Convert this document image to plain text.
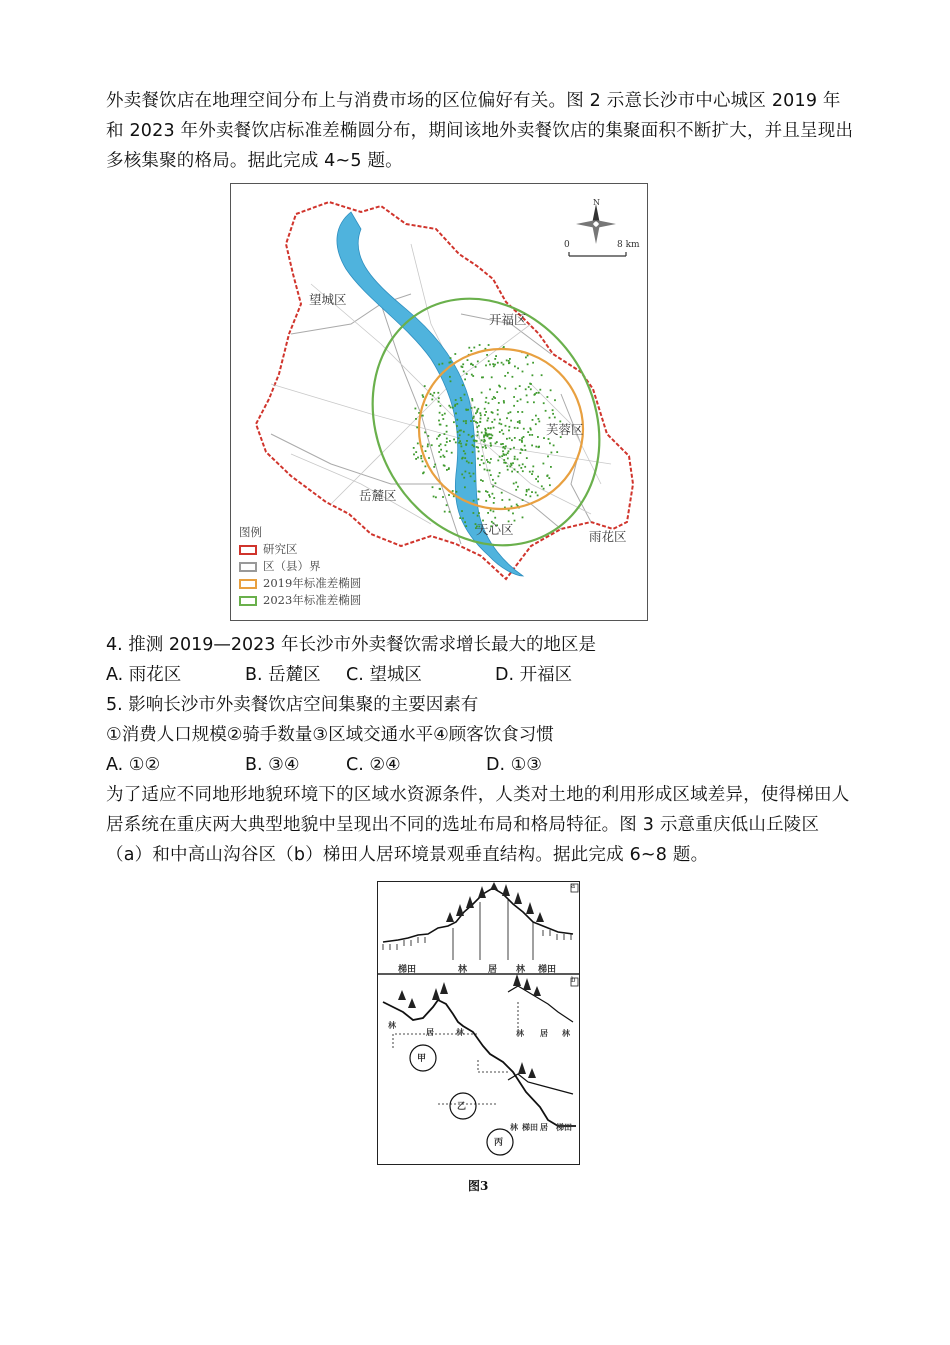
外卖餐饮店在地理空间分布上与消费市场的区位偏好有关。图 2 示意长沙市中心城区 2019 年和 2023 年外卖餐饮店标准差椭圆分布，期间该地外卖餐饮店的集聚面积不断扩大，并且呈现出多核集聚的格局。据此完成 4~5 题。
N
0	8 km
望城区
开福区
芙蓉区
岳麓区
天心区	雨花区
图例
研究区
区（县）界
2019年标准差椭圆
2023年标准差椭圆
4. 推测 2019—2023 年长沙市外卖餐饮需求增长最大的地区是
A. 雨花区	B. 岳麓区 C. 望城区	D. 开福区
5. 影响长沙市外卖餐饮店空间集聚的主要因素有
①消费人口规模②骑手数量③区域交通水平④顾客饮食习惯
A. ①②	B. ③④	C. ②④	D. ①③
为了适应不同地形地貌环境下的区域水资源条件，人类对土地的利用形成区域差异，使得梯田人居系统在重庆两大典型地貌中呈现出不同的选址布局和格局特征。图 3 示意重庆低山丘陵区（a）和中高山沟谷区（b）梯田人居环境景观垂直结构。据此完成 6~8 题。
a
b
梯田	林 居 林 梯田
林
居	林	林 居 林
林 梯田 居 梯田
甲
乙
丙
图3
